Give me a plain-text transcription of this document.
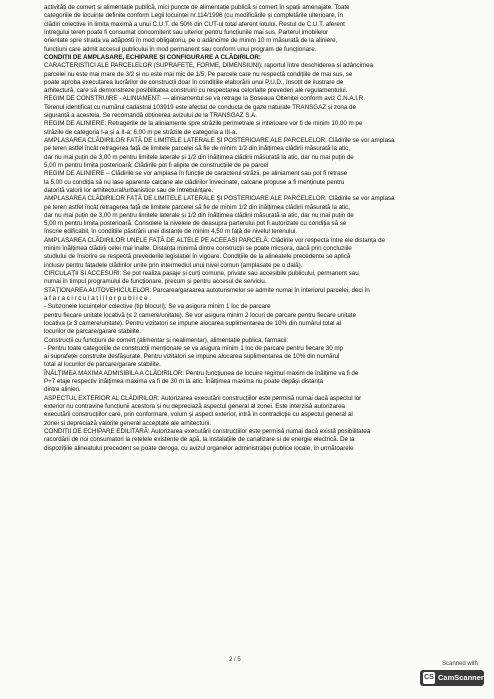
activități de comerț și alimentație publică, mici puncte de alimentație publică și comerț în spații amenajate. Toate

categoriile de locuințe definite conform Legii locuinței nr.114/1996 (cu modificările și completările ulterioare, în

clădiri colective în limita maximă a unui C.U.T. de 50% din CUT-ul total aferent lotului. Restul de C.U.T. aferent

întregului teren poate fi consumat concomitent sau ulterior pentru funcțiunile mai sus. Parterul imobilelor

orientate spre strada va adăposti în mod obligatoriu, pe o adâncime de minim 10 m măsurată de la aliniere,

funcțiuni care admit accesul publicului în mod permanent sau conform unui program de funcționare.

CONDIȚII DE AMPLASARE, ECHIPARE ȘI CONFIGURARE A CLĂDIRILOR:

CARACTERISTICI ALE PARCELELOR (SUPRAFEȚE, FORME, DIMENSIUNI): raportul între deschiderea și adâncimea

parcelei nu este mai mare de 3/2 și nu este mai mic de 1/5; Pe parcele care nu respectă condițiile de mai sus, se

poate aproba executarea lucrărilor de construcții doar în condițiile elaborării unui P.U.D., însoțit de ilustrare de

arhitectură, care să demonstreze posibilitatea construirii cu respectarea celorlalte prevederi ale regulamentului.

REGIM DE CONSTRUIRE - ALINIAMENT: — aliniamentul se va retrage la Șoseaua Olteniței conform aviz C.N.A.I.R.

Terenul identificat cu numărul cadastral 103919 este afectat de conducta de gaze naturale TRANSGAZ și zona de

siguranță a acesteia. Se recomandă obținerea avizului de la TRANSGAZ S.A.

REGIM DE ALINIERE: Retragerile de la aliniamente spre străzile perimetrale și interioare vor fi de minim 10,00 m pe

străzile de categoria I-a și a II-a; 6,00 m pe străzile de categoria a III-a.

AMPLASAREA CLĂDIRILOR FAȚĂ DE LIMITELE LATERALE ȘI POSTERIOARE ALE PARCELELOR: Clădirile se vor amplasa

pe teren astfel încât retragerea față de limitele parcelei să fie de minim 1/2 din înălțimea clădirii măsurată la atic,

dar nu mai puțin de 3,00 m pentru limitele laterale și 1/2 din înălțimea clădirii măsurată la atic, dar nu mai puțin de

5,00 m pentru limita posterioară; Clădirile pot fi alipite de construcțiile de pe parcel

REGIM DE ALINIERE – Clădirile se vor amplasa în funcție de caracterul străzii, pe aliniament sau pot fi retrase

la 5,00 cu condiția să nu lase aparente calcane ale clădirilor învecinate, calcane propuse a fi menținute pentru

datorită valorii lor arhitectural/urbanistice sau de întrebuințare.

AMPLASAREA CLĂDIRILOR FAȚĂ DE LIMITELE LATERALE ȘI POSTERIOARE ALE PARCELELOR: Clădirile se vor amplasa

pe teren astfel încât retragerea față de limitele parcelei să fie de minim 1/2 din înălțimea clădirii măsurată la atic,

dar nu mai puțin de 3,00 m pentru limitele laterale și 1/2 din înălțimea clădirii măsurată la atic, dar nu mai puțin de

5,00 m pentru limita posterioară. Consolele la nivelele de deasupra parterului pot fi autorizate cu condiția să se

înscrie edificabil, în condițiile păstrării unei distanțe de minim 4,50 m față de nivelul terenului.

AMPLASAREA CLĂDIRILOR UNELE FAȚĂ DE ALTELE PE ACEEAȘI PARCELĂ: Clădirile vor respecta între ele distanța de

minim înălțimea clădirii celei mai înalte. Distanța minimă dintre construcții se poate micșora, dacă prin concluziile

studiului de însorire se respectă prevederile legislației în vigoare. Condițiile de la alineatele precedente se aplică

inclusiv pentru fațadele clădirilor unite prin intermediul unui nivel comun (amplasate pe o dală).

CIRCULAȚII ȘI ACCESURI: Se pot realiza pasaje și curți comune, private sau accesibile publicului, permanent sau

numai în timpul programului de funcționare, precum și pentru accesul de serviciu.

STAȚIONAREA AUTOVEHICULELOR: Parcarea/garaarea autoturismelor se admite numai în interiorul parcelei, deci în

a f a r a c i r c u l a ț i i l o r p u b l i c e .

- Subzonele locuințelor colective (tip blocuri): Se va asigura minim 1 loc de parcare

pentru fiecare unitate locativă (≤ 2 camere/unitate). Se vor asigura minim 2 locuri de parcare pentru fiecare unitate

locativa (≥ 3 camere/unitate). Pentru vizitatori se impune alocarea suplimentarea de 10% din numărul total al

locurilor de parcare/garare stabilite.

Construcții cu funcțiuni de comerț (alimentar și nealimentar), alimentație publica, farmacii:

- Pentru toate categoriile de construcții menționate se va asigura minim 1 loc de parcare pentru fiecare 30 mp

ai suprafeței construite desfășurate. Pentru vizitatori se impune alocarea suplimentarea de 10% din numărul

total al locurilor de parcare/garare stabilite.

ÎNĂLȚIMEA MAXIMA ADMISIBILA A CLĂDIRILOR: Pentru funcțiunea de locuire regimul maxim de înălțime va fi de

P+7 etaje respectiv înălțimea maxima va fi de 30 m la atic. Înălțimea maxima nu poate depăși distanța

dintre alinieri.

ASPECTUL EXTERIOR AL CLĂDIRILOR: Autorizarea executării construcțiilor este permisă numai dacă aspectul lor

exterior nu contravine funcțiunii acestora și nu depreciază aspectul general al zonei. Este interzisă autorizarea

executării construcțiilor care, prin conformare, volum și aspect exterior, intră în contradicție cu aspectul general al

zonei și depreciază valorile general acceptate ale arhitecturii.

CONDIȚII DE ECHIPARE EDILITARĂ: Autorizarea executării construcțiilor este permisă numai dacă există posibilitatea

racordării de noi consumatori la rețelele existente de apă, la instalațiile de canalizare și de energie electrică. De la

dispozițiile alineatului precedent se poate deroga, cu avizul organelor administrației publice locale, în următoarele

2 / 5
Scanned with
CS CamScanner
